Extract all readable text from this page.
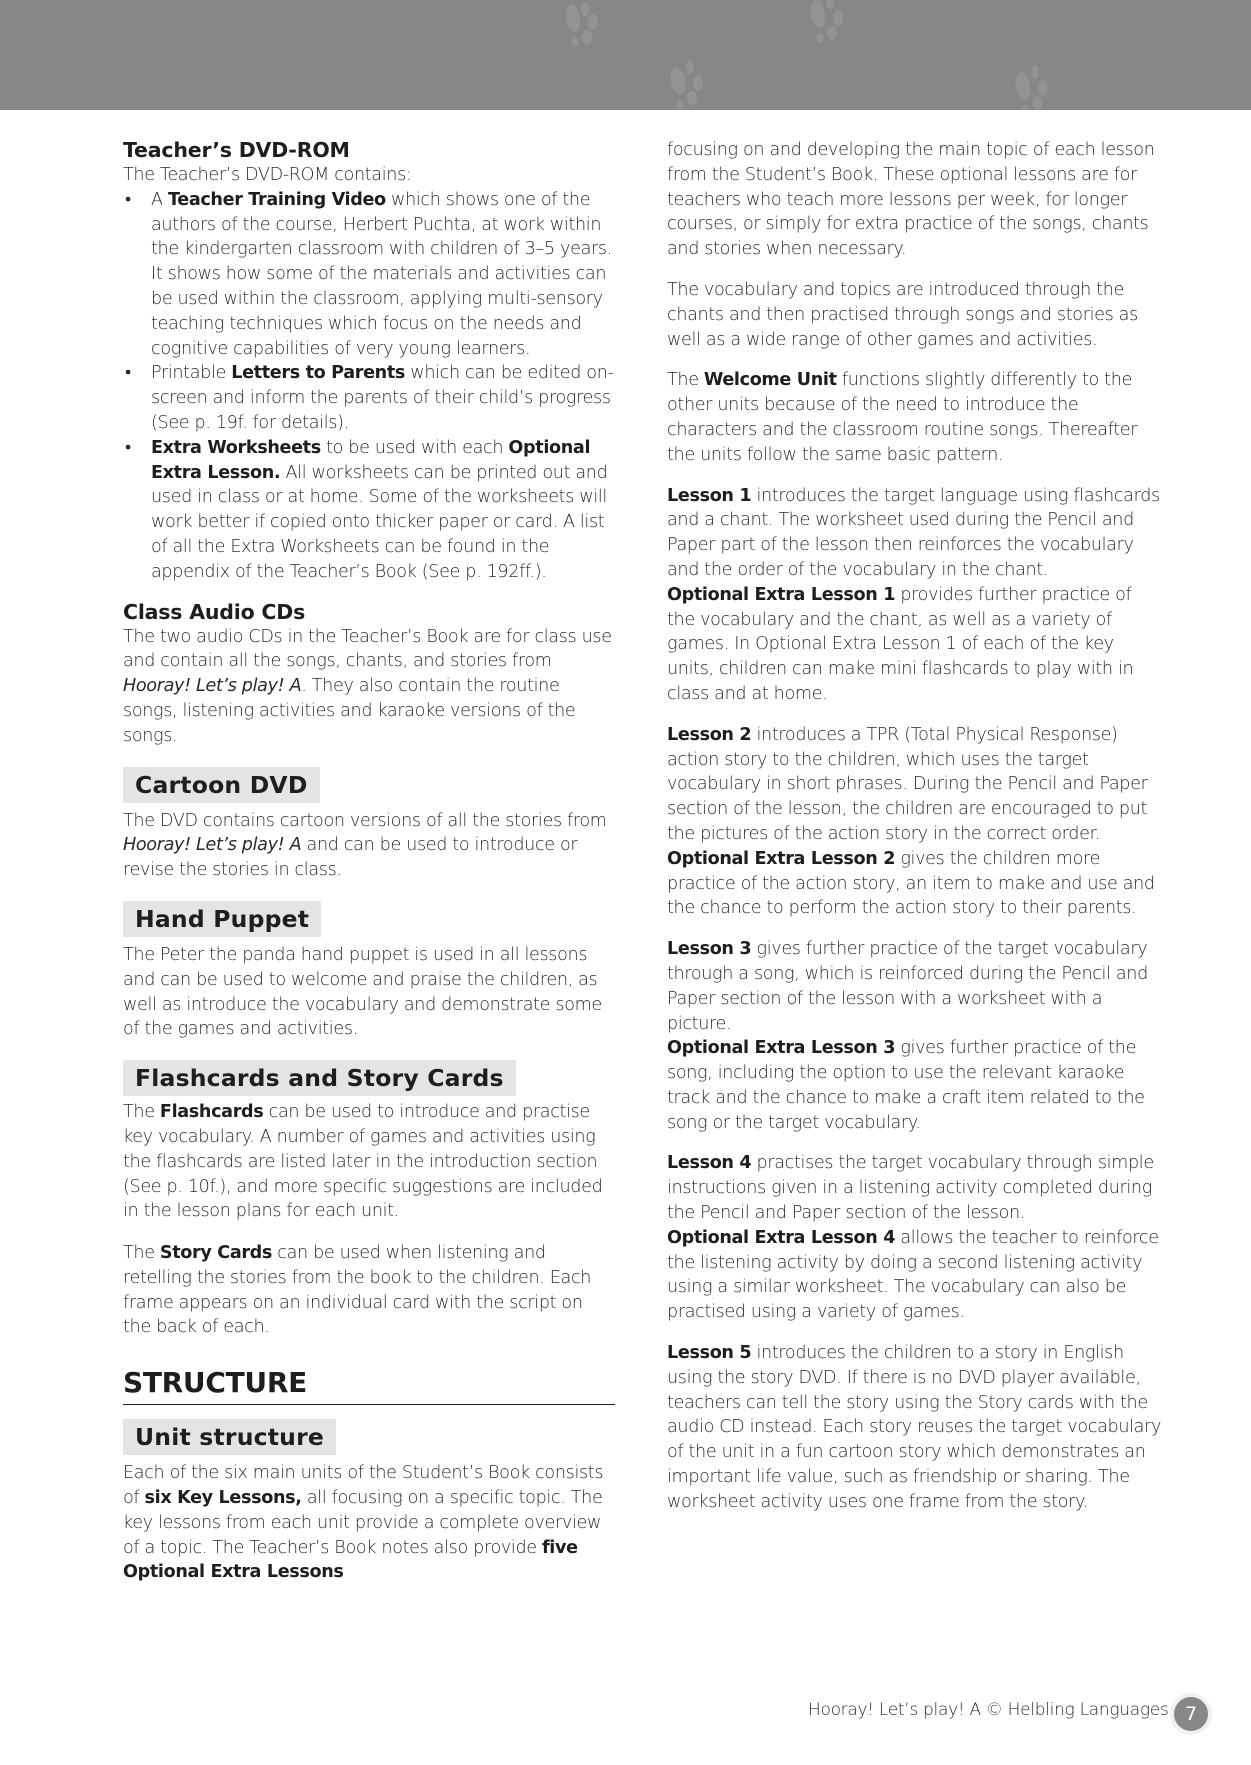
Teacher’s DVD-ROM

The Teacher’s DVD-ROM contains:

• A Teacher Training Video which shows one of the authors of the course, Herbert Puchta, at work within the kindergarten classroom with children of 3–5 years. It shows how some of the materials and activities can be used within the classroom, applying multi-sensory teaching techniques which focus on the needs and cognitive capabilities of very young learners.
• Printable Letters to Parents which can be edited on-screen and inform the parents of their child’s progress (See p. 19f. for details).
• Extra Worksheets to be used with each Optional Extra Lesson. All worksheets can be printed out and used in class or at home. Some of the worksheets will work better if copied onto thicker paper or card. A list of all the Extra Worksheets can be found in the appendix of the Teacher’s Book (See p. 192ff.).
Class Audio CDs

The two audio CDs in the Teacher’s Book are for class use and contain all the songs, chants, and stories from Hooray! Let’s play! A. They also contain the routine songs, listening activities and karaoke versions of the songs.

Cartoon DVD

The DVD contains cartoon versions of all the stories from Hooray! Let’s play! A and can be used to introduce or revise the stories in class.

Hand Puppet

The Peter the panda hand puppet is used in all lessons and can be used to welcome and praise the children, as well as introduce the vocabulary and demonstrate some of the games and activities.

Flashcards and Story Cards

The Flashcards can be used to introduce and practise key vocabulary. A number of games and activities using the flashcards are listed later in the introduction section (See p. 10f.), and more specific suggestions are included in the lesson plans for each unit.

The Story Cards can be used when listening and retelling the stories from the book to the children. Each frame appears on an individual card with the script on the back of each.

STRUCTURE
Unit structure

Each of the six main units of the Student’s Book consists of six Key Lessons, all focusing on a specific topic. The key lessons from each unit provide a complete overview of a topic. The Teacher’s Book notes also provide five Optional Extra Lessons

focusing on and developing the main topic of each lesson from the Student’s Book. These optional lessons are for teachers who teach more lessons per week, for longer courses, or simply for extra practice of the songs, chants and stories when necessary.

The vocabulary and topics are introduced through the chants and then practised through songs and stories as well as a wide range of other games and activities.

The Welcome Unit functions slightly differently to the other units because of the need to introduce the characters and the classroom routine songs. Thereafter the units follow the same basic pattern.

Lesson 1 introduces the target language using flashcards and a chant. The worksheet used during the Pencil and Paper part of the lesson then reinforces the vocabulary and the order of the vocabulary in the chant.

Optional Extra Lesson 1 provides further practice of the vocabulary and the chant, as well as a variety of games. In Optional Extra Lesson 1 of each of the key units, children can make mini flashcards to play with in class and at home.

Lesson 2 introduces a TPR (Total Physical Response) action story to the children, which uses the target vocabulary in short phrases. During the Pencil and Paper section of the lesson, the children are encouraged to put the pictures of the action story in the correct order.

Optional Extra Lesson 2 gives the children more practice of the action story, an item to make and use and the chance to perform the action story to their parents.

Lesson 3 gives further practice of the target vocabulary through a song, which is reinforced during the Pencil and Paper section of the lesson with a worksheet with a picture.

Optional Extra Lesson 3 gives further practice of the song, including the option to use the relevant karaoke track and the chance to make a craft item related to the song or the target vocabulary.

Lesson 4 practises the target vocabulary through simple instructions given in a listening activity completed during the Pencil and Paper section of the lesson.

Optional Extra Lesson 4 allows the teacher to reinforce the listening activity by doing a second listening activity using a similar worksheet. The vocabulary can also be practised using a variety of games.

Lesson 5 introduces the children to a story in English using the story DVD. If there is no DVD player available, teachers can tell the story using the Story cards with the audio CD instead. Each story reuses the target vocabulary of the unit in a fun cartoon story which demonstrates an important life value, such as friendship or sharing. The worksheet activity uses one frame from the story.

Hooray! Let’s play! A © Helbling Languages 7
